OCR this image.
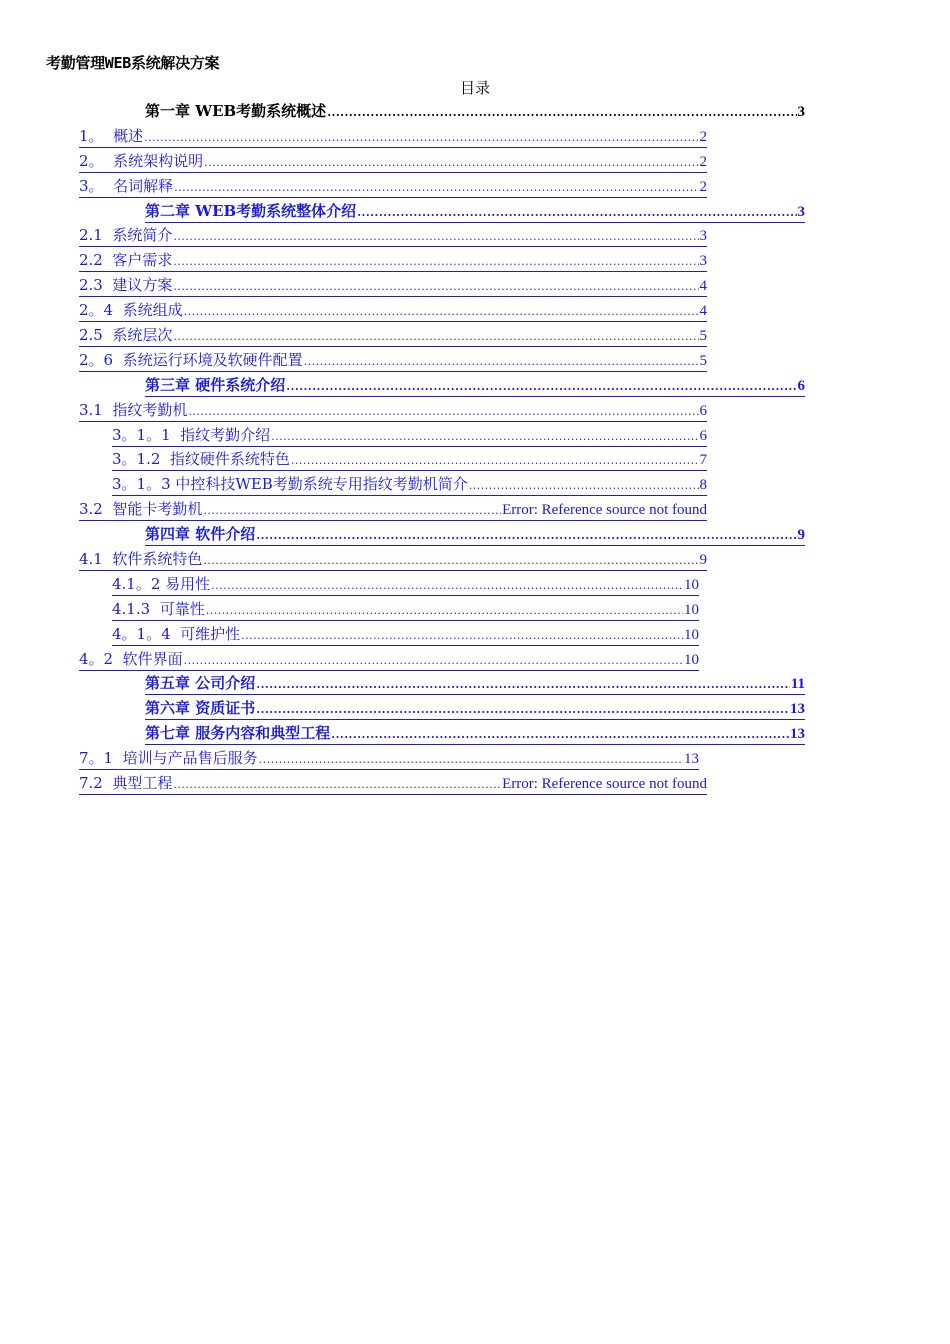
考勤管理WEB系统解决方案
目录
第一章 WEB考勤系统概述 .....	3
1。  概述 .....	2
2。  系统架构说明 .....	2
3。  名词解释 .....	2
第二章 WEB考勤系统整体介绍 .....	3
2.1  系统简介 .....	3
2.2  客户需求 .....	3
2.3  建议方案 .....	4
2。4  系统组成 .....	4
2.5  系统层次 .....	5
2。6  系统运行环境及软硬件配置 .....	5
第三章 硬件系统介绍 .....	6
3.1  指纹考勤机 .....	6
3。1。1  指纹考勤介绍 .....	6
3。1.2  指纹硬件系统特色 .....	7
3。1。3 中控科技WEB考勤系统专用指纹考勤机简介 .....	8
3.2  智能卡考勤机 .....	Error: Reference source not found
第四章 软件介绍 .....	9
4.1  软件系统特色 .....	9
4.1。2 易用性 .....	10
4.1.3  可靠性 .....	10
4。1。4  可维护性 .....	10
4。2  软件界面 .....	10
第五章 公司介绍 .....	11
第六章 资质证书 .....	13
第七章 服务内容和典型工程 .....	13
7。1  培训与产品售后服务 .....	13
7.2  典型工程 .....	Error: Reference source not found
